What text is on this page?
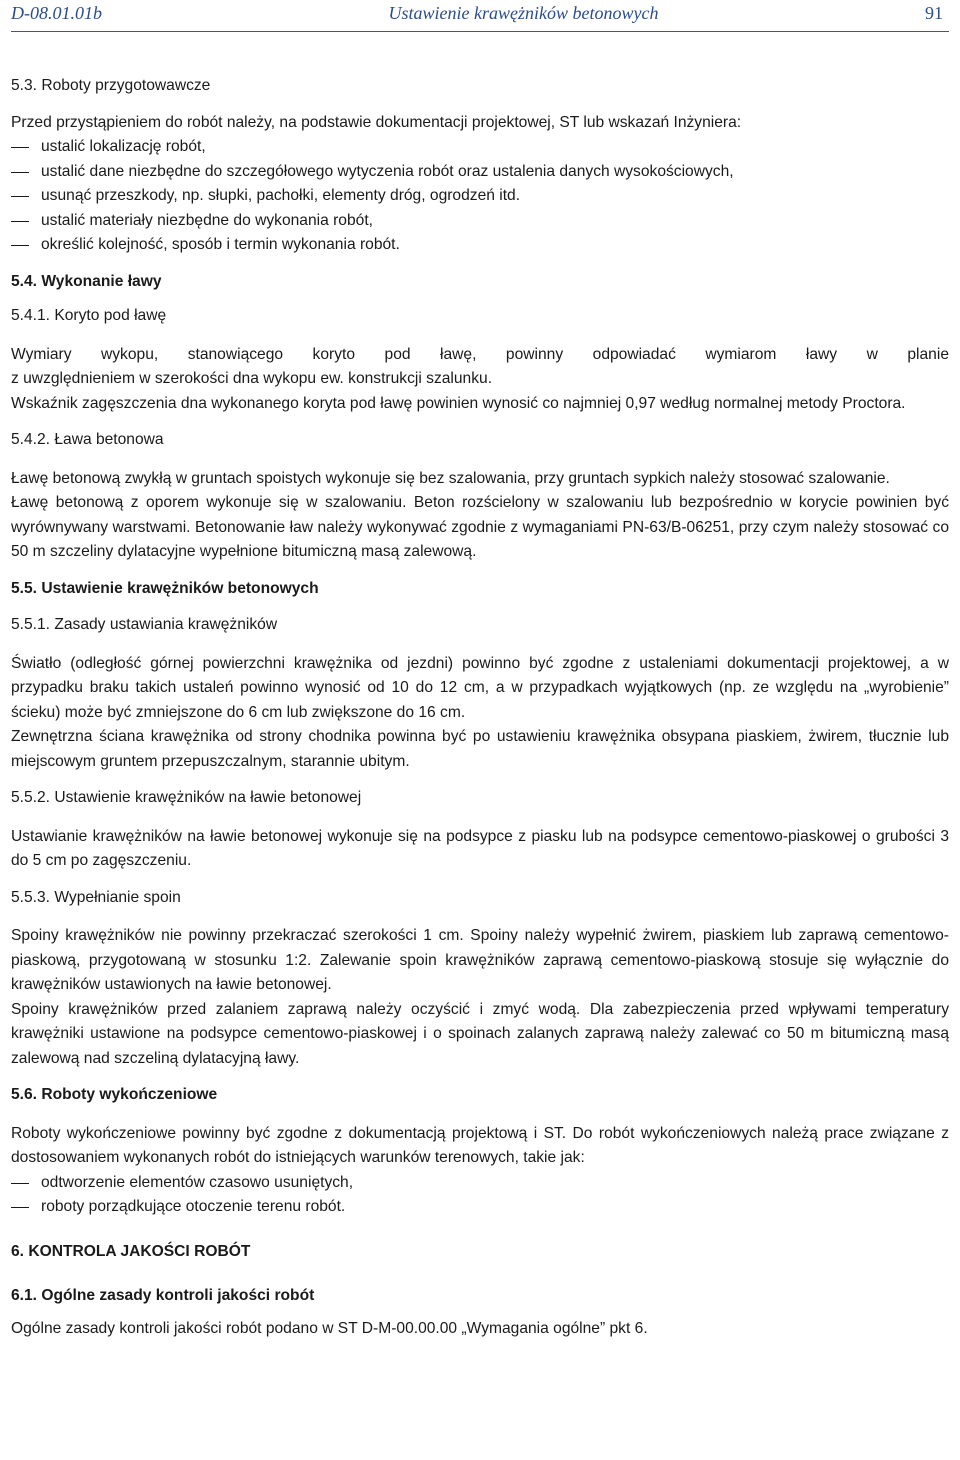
D-08.01.01b	Ustawienie krawężników betonowych	91

5.3. Roboty przygotowawcze

Przed przystąpieniem do robót należy, na podstawie dokumentacji projektowej, ST lub wskazań Inżyniera:

ustalić lokalizację robót,

ustalić dane niezbędne do szczegółowego wytyczenia robót oraz ustalenia danych wysokościowych,

usunąć przeszkody, np. słupki, pachołki, elementy dróg, ogrodzeń itd.

ustalić materiały niezbędne do wykonania robót,

określić kolejność, sposób i termin wykonania robót.

5.4. Wykonanie ławy

5.4.1. Koryto pod ławę

Wymiary wykopu, stanowiącego koryto pod ławę, powinny odpowiadać wymiarom ławy w planie

z uwzględnieniem w szerokości dna wykopu ew. konstrukcji szalunku.

Wskaźnik zagęszczenia dna wykonanego koryta pod ławę powinien wynosić co najmniej 0,97 według normalnej metody Proctora.

5.4.2. Ława betonowa

Ławę betonową zwykłą w gruntach spoistych wykonuje się bez szalowania, przy gruntach sypkich należy stosować szalowanie.

Ławę betonową z oporem wykonuje się w szalowaniu. Beton rozścielony w szalowaniu lub bezpośrednio w korycie powinien być wyrównywany warstwami. Betonowanie ław należy wykonywać zgodnie z wymaganiami PN-63/B-06251, przy czym należy stosować co 50 m szczeliny dylatacyjne wypełnione bitumiczną masą zalewową.

5.5. Ustawienie krawężników betonowych

5.5.1. Zasady ustawiania krawężników

Światło (odległość górnej powierzchni krawężnika od jezdni) powinno być zgodne z ustaleniami dokumentacji projektowej, a w przypadku braku takich ustaleń powinno wynosić od 10 do 12 cm, a w przypadkach wyjątkowych (np. ze względu na „wyrobienie” ścieku) może być zmniejszone do 6 cm lub zwiększone do 16 cm.

Zewnętrzna ściana krawężnika od strony chodnika powinna być po ustawieniu krawężnika obsypana piaskiem, żwirem, tłucznie lub miejscowym gruntem przepuszczalnym, starannie ubitym.

5.5.2. Ustawienie krawężników na ławie betonowej

Ustawianie krawężników na ławie betonowej wykonuje się na podsypce z piasku lub na podsypce cementowo-piaskowej o grubości 3 do 5 cm po zagęszczeniu.

5.5.3. Wypełnianie spoin

Spoiny krawężników nie powinny przekraczać szerokości 1 cm. Spoiny należy wypełnić żwirem, piaskiem lub zaprawą cementowo-piaskową, przygotowaną w stosunku 1:2. Zalewanie spoin krawężników zaprawą cementowo-piaskową stosuje się wyłącznie do krawężników ustawionych na ławie betonowej.

Spoiny krawężników przed zalaniem zaprawą należy oczyścić i zmyć wodą. Dla zabezpieczenia przed wpływami temperatury krawężniki ustawione na podsypce cementowo-piaskowej i o spoinach zalanych zaprawą należy zalewać co 50 m bitumiczną masą zalewową nad szczeliną dylatacyjną ławy.

5.6. Roboty wykończeniowe

Roboty wykończeniowe powinny być zgodne z dokumentacją projektową i ST. Do robót wykończeniowych należą prace związane z dostosowaniem wykonanych robót do istniejących warunków terenowych, takie jak:

odtworzenie elementów czasowo usuniętych,

roboty porządkujące otoczenie terenu robót.

6. KONTROLA JAKOŚCI ROBÓT

6.1. Ogólne zasady kontroli jakości robót

Ogólne zasady kontroli jakości robót podano w ST D-M-00.00.00 „Wymagania ogólne” pkt 6.
